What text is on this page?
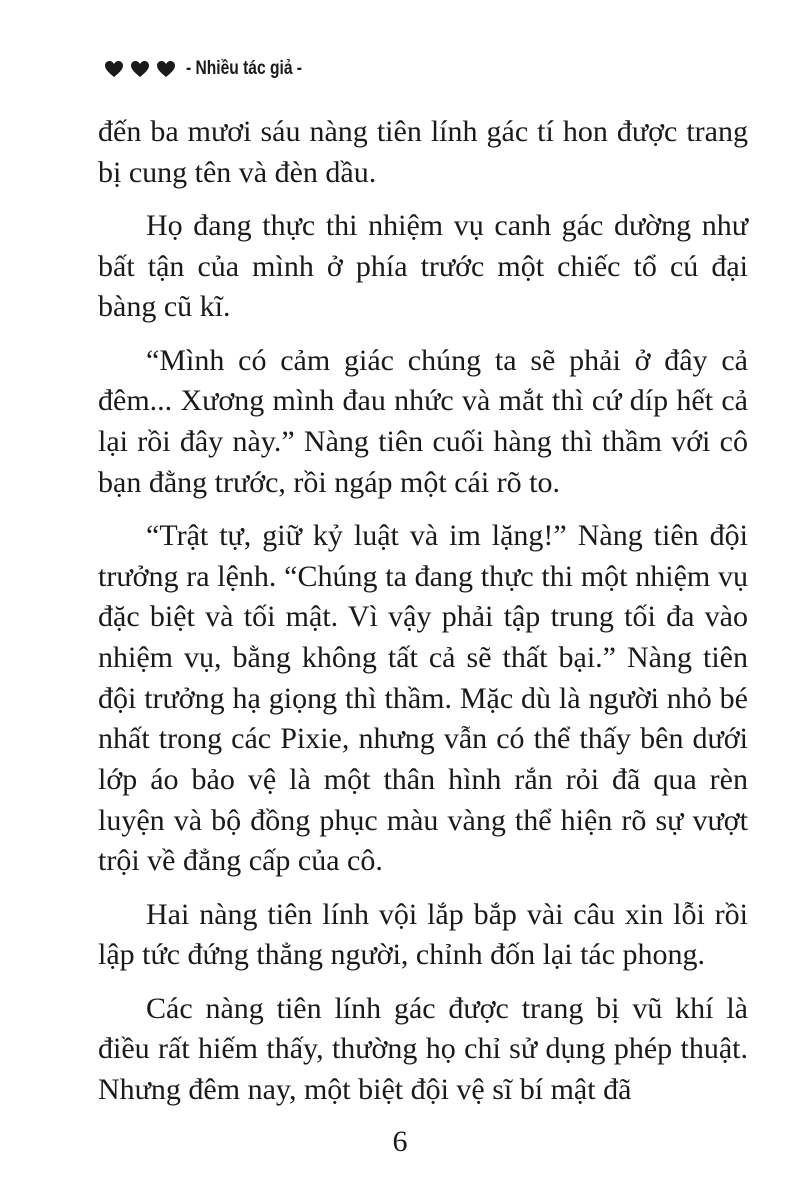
- Nhiều tác giả -

đến ba mươi sáu nàng tiên lính gác tí hon được trang bị cung tên và đèn dầu.

Họ đang thực thi nhiệm vụ canh gác dường như bất tận của mình ở phía trước một chiếc tổ cú đại bàng cũ kĩ.

“Mình có cảm giác chúng ta sẽ phải ở đây cả đêm... Xương mình đau nhức và mắt thì cứ díp hết cả lại rồi đây này.” Nàng tiên cuối hàng thì thầm với cô bạn đằng trước, rồi ngáp một cái rõ to.

“Trật tự, giữ kỷ luật và im lặng!” Nàng tiên đội trưởng ra lệnh. “Chúng ta đang thực thi một nhiệm vụ đặc biệt và tối mật. Vì vậy phải tập trung tối đa vào nhiệm vụ, bằng không tất cả sẽ thất bại.” Nàng tiên đội trưởng hạ giọng thì thầm. Mặc dù là người nhỏ bé nhất trong các Pixie, nhưng vẫn có thể thấy bên dưới lớp áo bảo vệ là một thân hình rắn rỏi đã qua rèn luyện và bộ đồng phục màu vàng thể hiện rõ sự vượt trội về đẳng cấp của cô.

Hai nàng tiên lính vội lắp bắp vài câu xin lỗi rồi lập tức đứng thẳng người, chỉnh đốn lại tác phong.

Các nàng tiên lính gác được trang bị vũ khí là điều rất hiếm thấy, thường họ chỉ sử dụng phép thuật. Nhưng đêm nay, một biệt đội vệ sĩ bí mật đã

6
